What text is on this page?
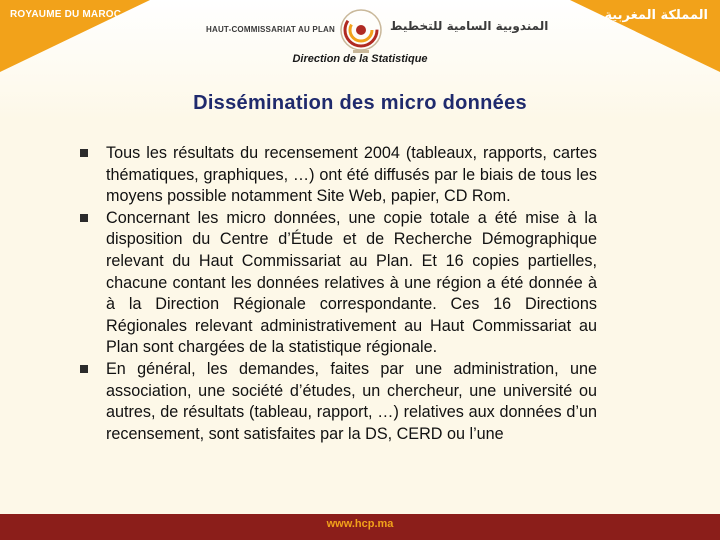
ROYAUME DU MAROC	المملكة المغربية
HAUT-COMMISSARIAT AU PLAN	المندوبية السامية للتخطيط
Direction de la Statistique
Dissémination des micro données
Tous les résultats du recensement 2004 (tableaux, rapports, cartes thématiques, graphiques, …) ont été diffusés par le biais de tous les moyens possible notamment Site Web, papier, CD Rom.
Concernant les micro données, une copie totale a été mise à la disposition du Centre d’Étude et de Recherche Démographique relevant du Haut Commissariat au Plan. Et 16 copies partielles, chacune contant les données relatives à une région a été donnée à à la Direction Régionale correspondante. Ces 16 Directions Régionales relevant administrativement au Haut Commissariat au Plan sont chargées de la statistique régionale.
En général, les demandes, faites par une administration, une association, une société d’études, un chercheur, une université ou autres, de résultats (tableau, rapport, …) relatives aux données d’un recensement, sont satisfaites par la DS, CERD ou l’une
www.hcp.ma
